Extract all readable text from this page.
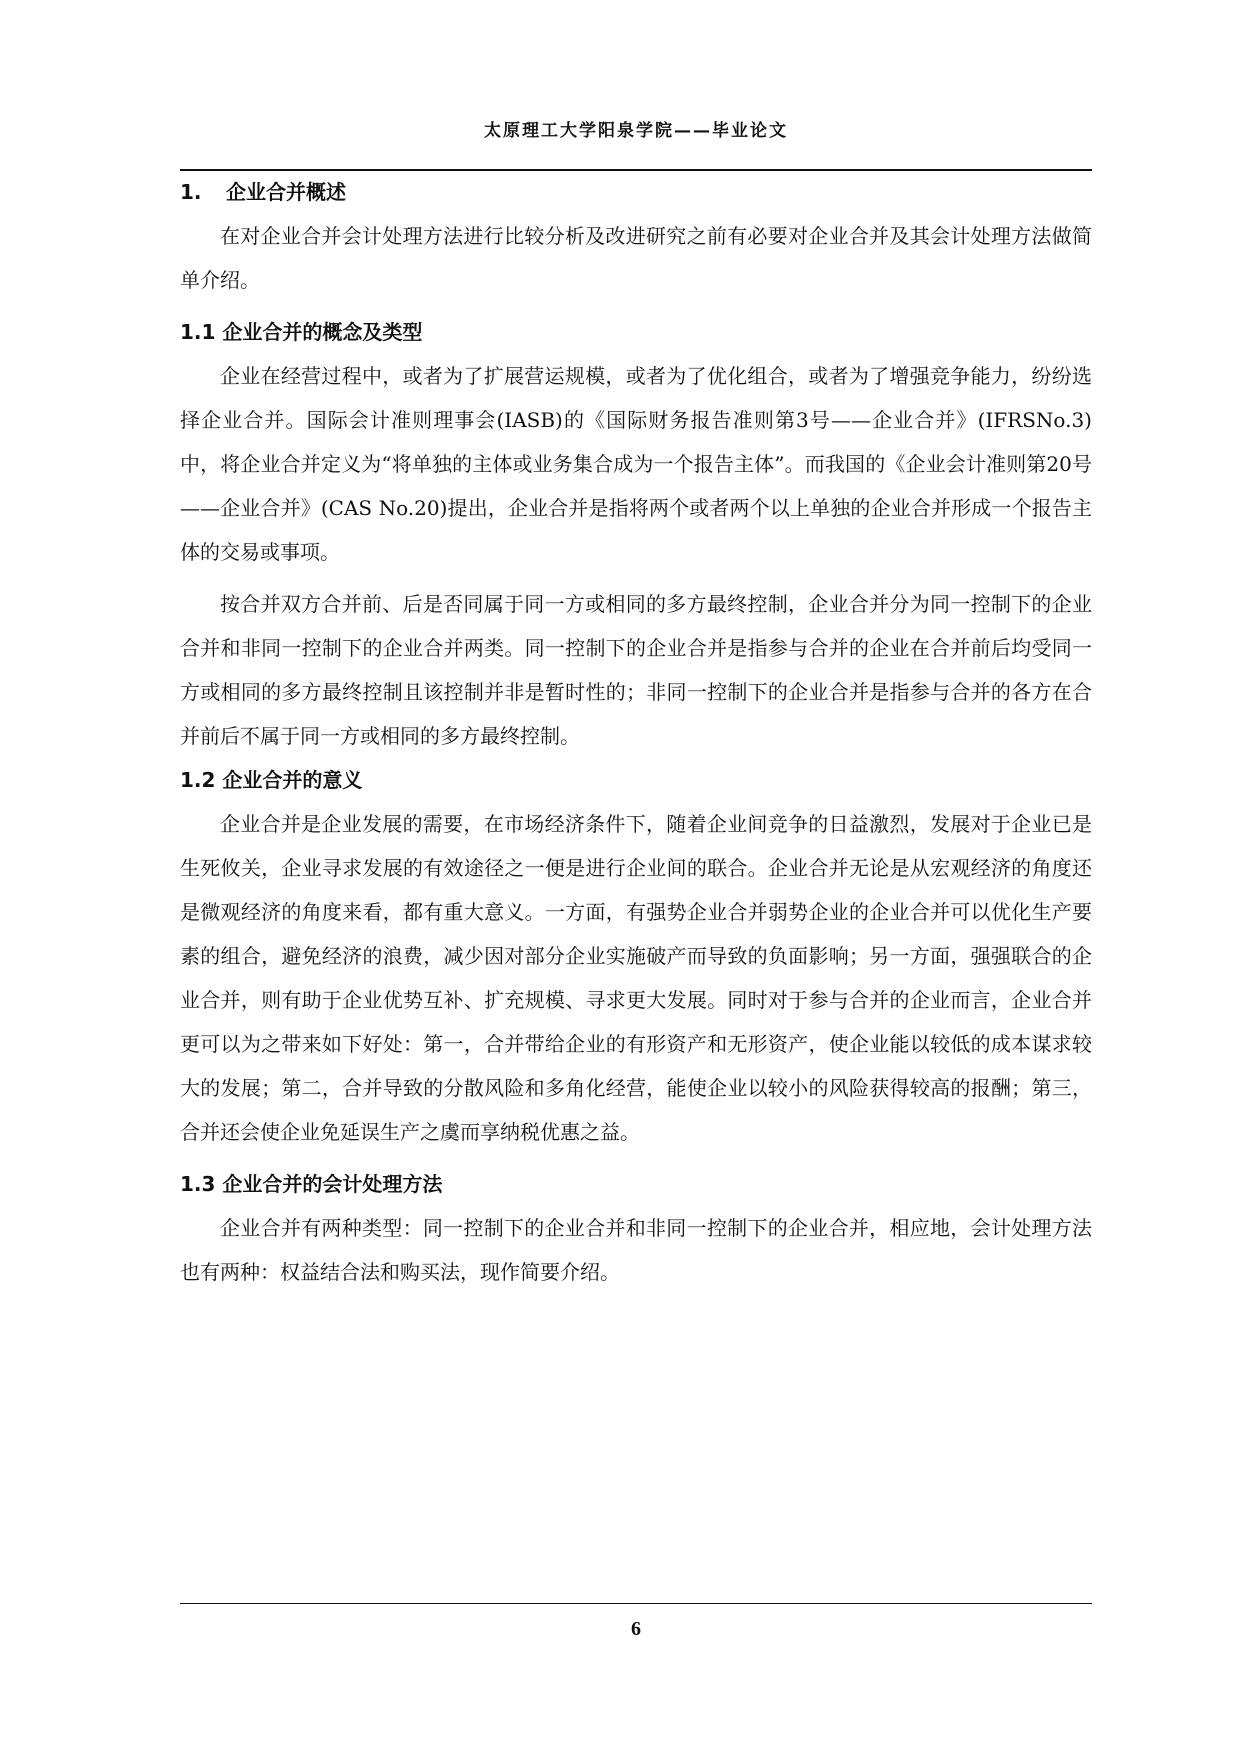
太原理工大学阳泉学院——毕业论文
1. 企业合并概述

在对企业合并会计处理方法进行比较分析及改进研究之前有必要对企业合并及其会计处理方法做简单介绍。

1.1 企业合并的概念及类型

企业在经营过程中，或者为了扩展营运规模，或者为了优化组合，或者为了增强竞争能力，纷纷选择企业合并。国际会计准则理事会(IASB)的《国际财务报告准则第3号——企业合并》(IFRSNo.3)中，将企业合并定义为“将单独的主体或业务集合成为一个报告主体”。而我国的《企业会计准则第20号——企业合并》(CAS No.20)提出，企业合并是指将两个或者两个以上单独的企业合并形成一个报告主体的交易或事项。

按合并双方合并前、后是否同属于同一方或相同的多方最终控制，企业合并分为同一控制下的企业合并和非同一控制下的企业合并两类。同一控制下的企业合并是指参与合并的企业在合并前后均受同一方或相同的多方最终控制且该控制并非是暂时性的；非同一控制下的企业合并是指参与合并的各方在合并前后不属于同一方或相同的多方最终控制。

1.2 企业合并的意义

企业合并是企业发展的需要，在市场经济条件下，随着企业间竞争的日益激烈，发展对于企业已是生死攸关，企业寻求发展的有效途径之一便是进行企业间的联合。企业合并无论是从宏观经济的角度还是微观经济的角度来看，都有重大意义。一方面，有强势企业合并弱势企业的企业合并可以优化生产要素的组合，避免经济的浪费，减少因对部分企业实施破产而导致的负面影响；另一方面，强强联合的企业合并，则有助于企业优势互补、扩充规模、寻求更大发展。同时对于参与合并的企业而言，企业合并更可以为之带来如下好处：第一，合并带给企业的有形资产和无形资产，使企业能以较低的成本谋求较大的发展；第二，合并导致的分散风险和多角化经营，能使企业以较小的风险获得较高的报酬；第三，合并还会使企业免延误生产之虞而享纳税优惠之益。

1.3 企业合并的会计处理方法

企业合并有两种类型：同一控制下的企业合并和非同一控制下的企业合并，相应地，会计处理方法也有两种：权益结合法和购买法，现作简要介绍。

6
